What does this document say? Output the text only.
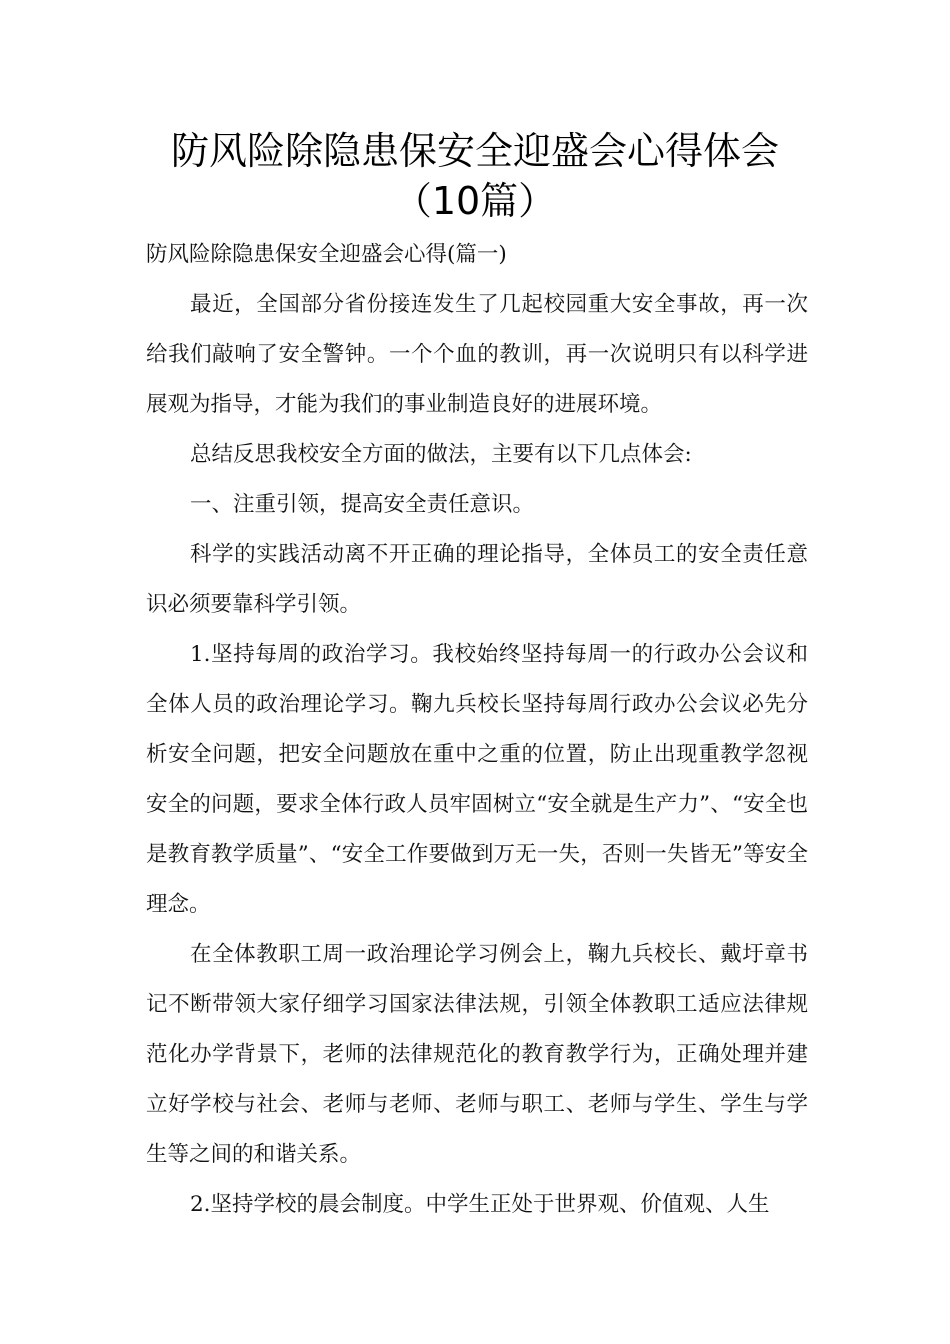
防风险除隐患保安全迎盛会心得体会
（10篇）

防风险除隐患保安全迎盛会心得(篇一)

最近，全国部分省份接连发生了几起校园重大安全事故，再一次给我们敲响了安全警钟。一个个血的教训，再一次说明只有以科学进展观为指导，才能为我们的事业制造良好的进展环境。

总结反思我校安全方面的做法，主要有以下几点体会:

一、注重引领，提高安全责任意识。

科学的实践活动离不开正确的理论指导，全体员工的安全责任意识必须要靠科学引领。

1.坚持每周的政治学习。我校始终坚持每周一的行政办公会议和全体人员的政治理论学习。鞠九兵校长坚持每周行政办公会议必先分析安全问题，把安全问题放在重中之重的位置，防止出现重教学忽视安全的问题，要求全体行政人员牢固树立“安全就是生产力”、“安全也是教育教学质量”、“安全工作要做到万无一失，否则一失皆无”等安全理念。

在全体教职工周一政治理论学习例会上，鞠九兵校长、戴圩章书记不断带领大家仔细学习国家法律法规，引领全体教职工适应法律规范化办学背景下，老师的法律规范化的教育教学行为，正确处理并建立好学校与社会、老师与老师、老师与职工、老师与学生、学生与学生等之间的和谐关系。

2.坚持学校的晨会制度。中学生正处于世界观、价值观、人生
